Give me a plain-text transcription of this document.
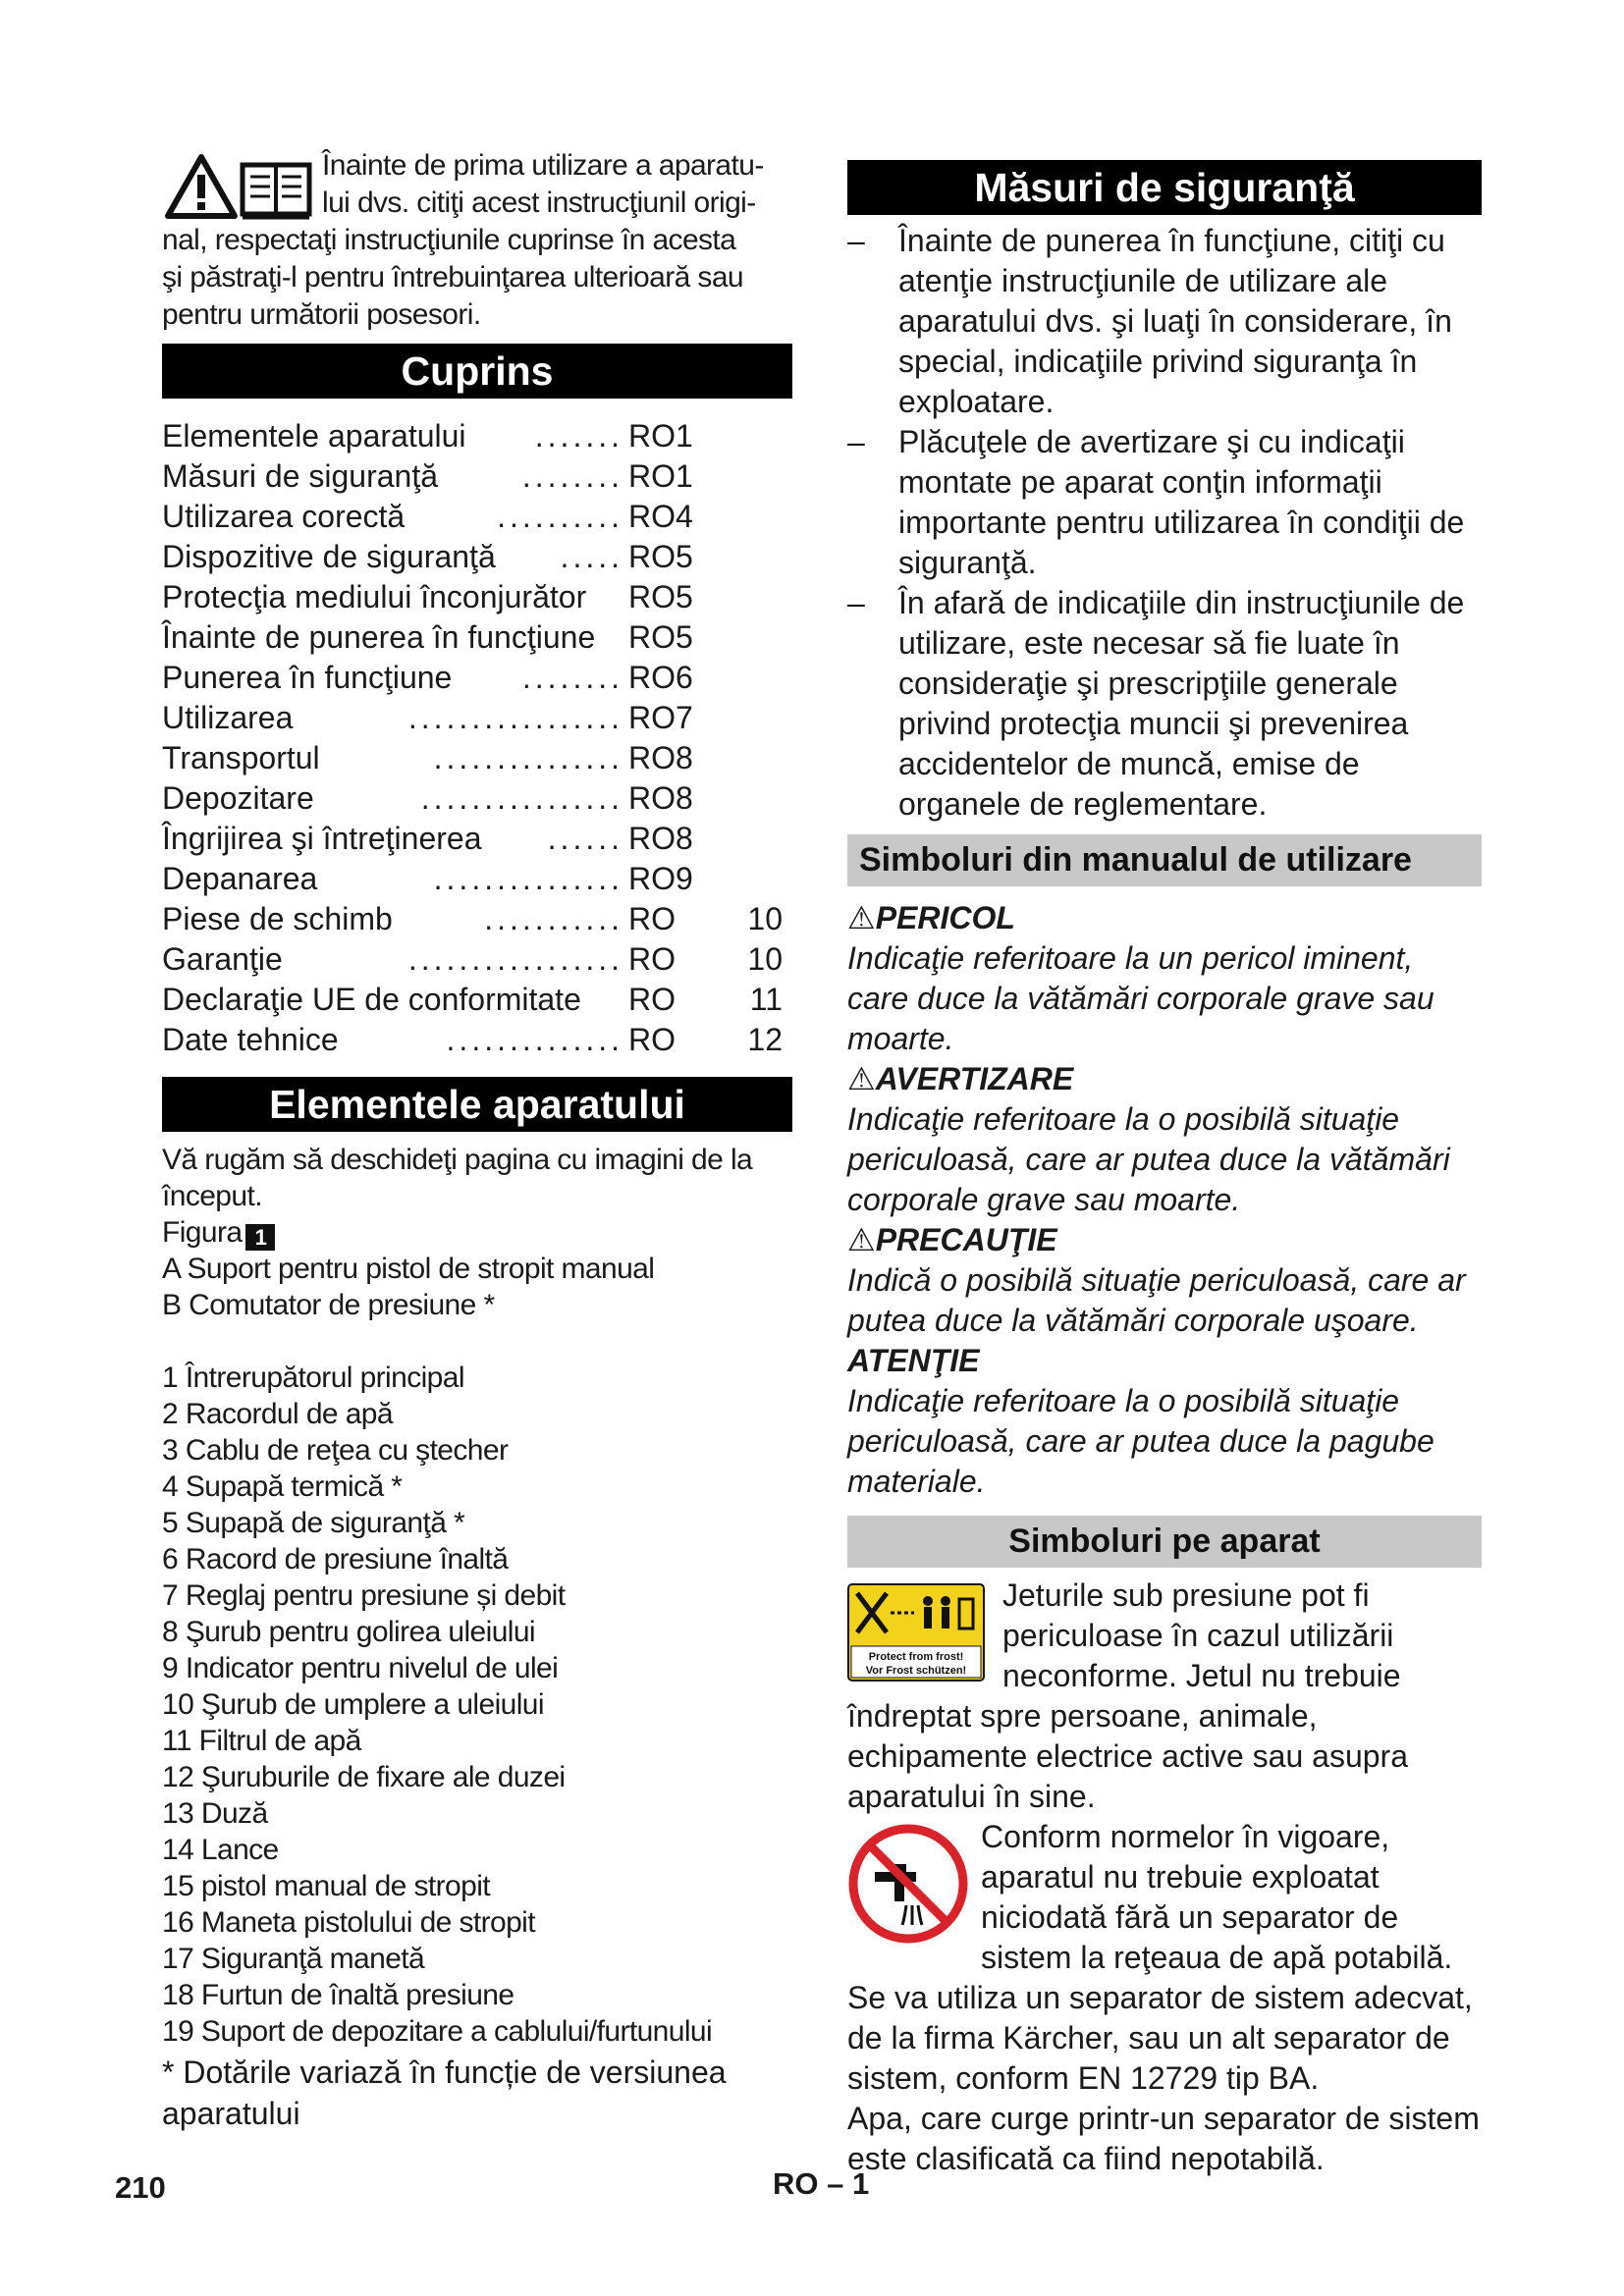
Înainte de prima utilizare a aparatu-

lui dvs. citiţi acest instrucţiunil origi-

nal, respectaţi instrucţiunile cuprinse în acesta

şi păstraţi-l pentru întrebuinţarea ulterioară sau

pentru următorii posesori.

Cuprins
Elementele aparatului	....... RO 1
Măsuri de siguranţă	........ RO 1
Utilizarea corectă	.......... RO 4
Dispozitive de siguranţă	..... RO 5
Protecţia mediului înconjurător RO 5
Înainte de punerea în funcţiune RO 5
Punerea în funcţiune	........ RO 6
Utilizarea	................. RO 7
Transportul	............... RO 8
Depozitare	................ RO 8
Îngrijirea şi întreţinerea	...... RO 8
Depanarea	............... RO 9
Piese de schimb	........... RO 10
Garanţie	................. RO 10
Declaraţie UE de conformitate RO 11
Date tehnice	.............. RO 12
Elementele aparatului

Vă rugăm să deschideţi pagina cu imagini de la început.

Figura 1

A Suport pentru pistol de stropit manual

B Comutator de presiune *

1 Întrerupătorul principal
2 Racordul de apă
3 Cablu de reţea cu ştecher
4 Supapă termică *
5 Supapă de siguranţă *
6 Racord de presiune înaltă
7 Reglaj pentru presiune și debit
8 Şurub pentru golirea uleiului
9 Indicator pentru nivelul de ulei
10 Şurub de umplere a uleiului
11 Filtrul de apă
12 Şuruburile de fixare ale duzei
13 Duză
14 Lance
15 pistol manual de stropit
16 Maneta pistolului de stropit
17 Siguranţă manetă
18 Furtun de înaltă presiune
19 Suport de depozitare a cablului/furtunului
* Dotările variază în funcție de versiunea aparatului
Măsuri de siguranţă
– Înainte de punerea în funcţiune, citiţi cu atenţie instrucţiunile de utilizare ale aparatului dvs. şi luaţi în considerare, în special, indicaţiile privind siguranţa în exploatare.
– Plăcuţele de avertizare şi cu indicaţii montate pe aparat conţin informaţii importante pentru utilizarea în condiţii de siguranţă.
– În afară de indicaţiile din instrucţiunile de utilizare, este necesar să fie luate în consideraţie şi prescripţiile generale privind protecţia muncii şi prevenirea accidentelor de muncă, emise de organele de reglementare.
Simboluri din manualul de utilizare
⚠PERICOL
Indicaţie referitoare la un pericol iminent, care duce la vătămări corporale grave sau moarte.
⚠AVERTIZARE
Indicaţie referitoare la o posibilă situaţie periculoasă, care ar putea duce la vătămări corporale grave sau moarte.
⚠PRECAUŢIE
Indică o posibilă situaţie periculoasă, care ar putea duce la vătămări corporale uşoare.
ATENŢIE
Indicaţie referitoare la o posibilă situaţie periculoasă, care ar putea duce la pagube materiale.
Simboluri pe aparat
Protect from frost!
Vor Frost schützen!

Jeturile sub presiune pot fi periculoase în cazul utilizării neconforme. Jetul nu trebuie îndreptat spre persoane, animale, echipamente electrice active sau asupra aparatului în sine.

Conform normelor în vigoare, aparatul nu trebuie exploatat niciodată fără un separator de sistem la reţeaua de apă potabilă. Se va utiliza un separator de sistem adecvat, de la firma Kärcher, sau un alt separator de sistem, conform EN 12729 tip BA.

Apa, care curge printr-un separator de sistem este clasificată ca fiind nepotabilă.

210	RO – 1
